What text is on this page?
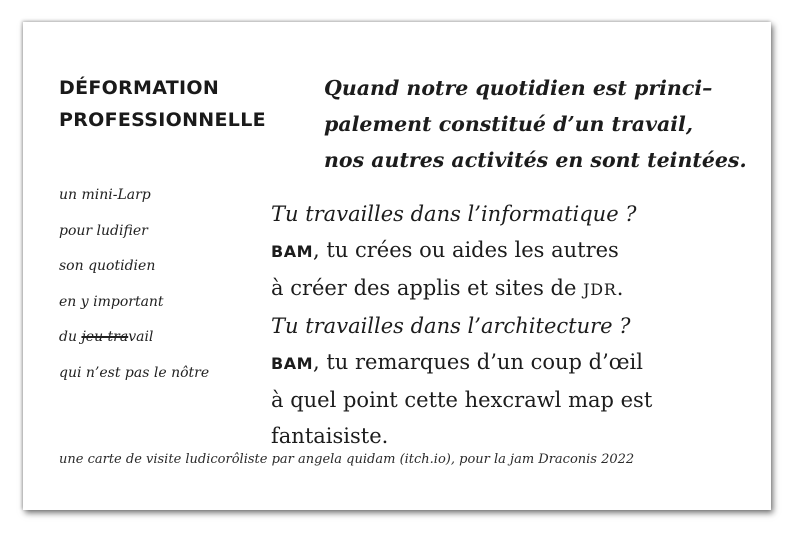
DÉFORMATION
PROFESSIONNELLE
Quand notre quotidien est princi–
palement constitué d’un travail,
nos autres activités en sont teintées.
un mini-Larp
pour ludifier
son quotidien
en y important
du jeu travail
qui n’est pas le nôtre
Tu travailles dans l’informatique ?
BAM, tu crées ou aides les autres
à créer des applis et sites de JDR.
Tu travailles dans l’architecture ?
BAM, tu remarques d’un coup d’œil
à quel point cette hexcrawl map est
fantaisiste.
une carte de visite ludicorôliste par angela quidam (itch.io), pour la jam Draconis 2022
